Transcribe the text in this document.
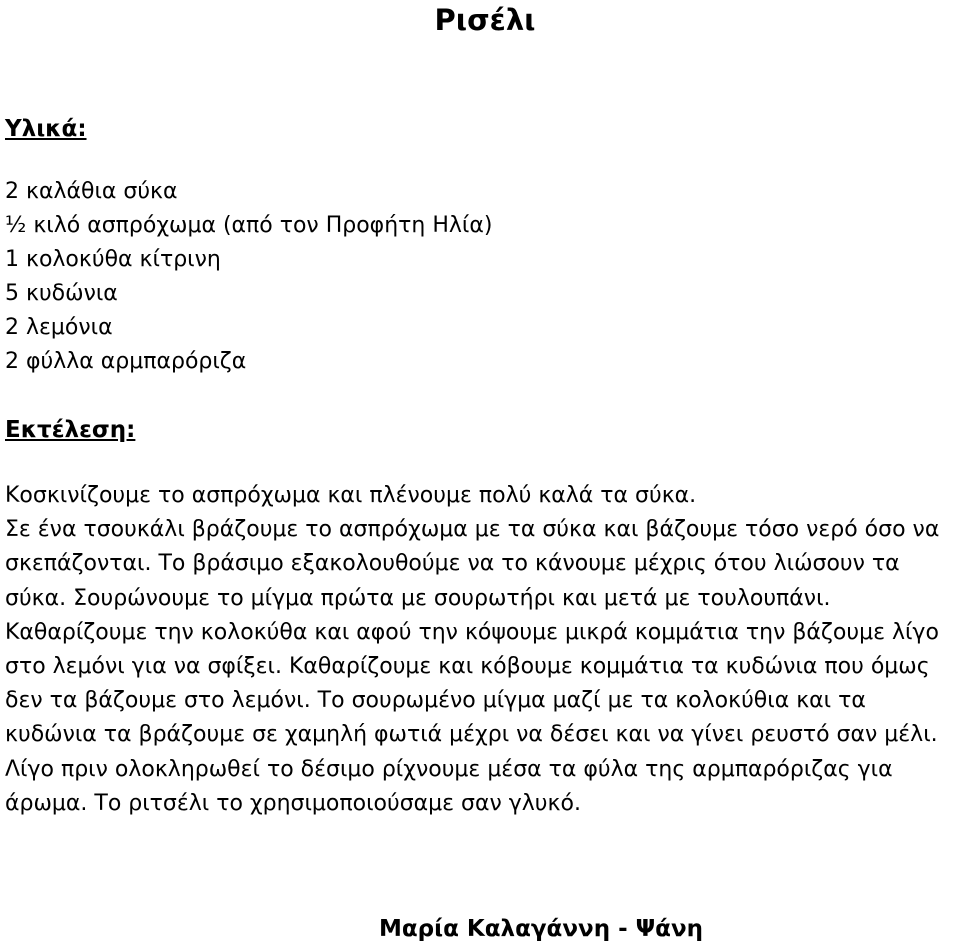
Ρισέλι
Υλικά:
2 καλάθια σύκα
½ κιλό ασπρόχωμα (από τον Προφήτη Ηλία)
1 κολοκύθα κίτρινη
5 κυδώνια
2 λεμόνια
2 φύλλα αρμπαρόριζα
Εκτέλεση:

Κοσκινίζουμε το ασπρόχωμα και πλένουμε πολύ καλά τα σύκα.

Σε ένα τσουκάλι βράζουμε το ασπρόχωμα με τα σύκα και βάζουμε τόσο νερό όσο να σκεπάζονται. Το βράσιμο εξακολουθούμε να το κάνουμε μέχρις ότου λιώσουν τα σύκα. Σουρώνουμε το μίγμα πρώτα με σουρωτήρι και μετά με τουλουπάνι.

Καθαρίζουμε την κολοκύθα και αφού την κόψουμε μικρά κομμάτια την βάζουμε λίγο στο λεμόνι για να σφίξει. Καθαρίζουμε και κόβουμε κομμάτια τα κυδώνια που όμως δεν τα βάζουμε στο λεμόνι. Το σουρωμένο μίγμα μαζί με τα κολοκύθια και τα κυδώνια τα βράζουμε σε χαμηλή φωτιά μέχρι να δέσει και να γίνει ρευστό σαν μέλι.

Λίγο πριν ολοκληρωθεί το δέσιμο ρίχνουμε μέσα τα φύλα της αρμπαρόριζας για άρωμα. Το ριτσέλι το χρησιμοποιούσαμε σαν γλυκό.

Μαρία Καλαγάννη - Ψάνη
